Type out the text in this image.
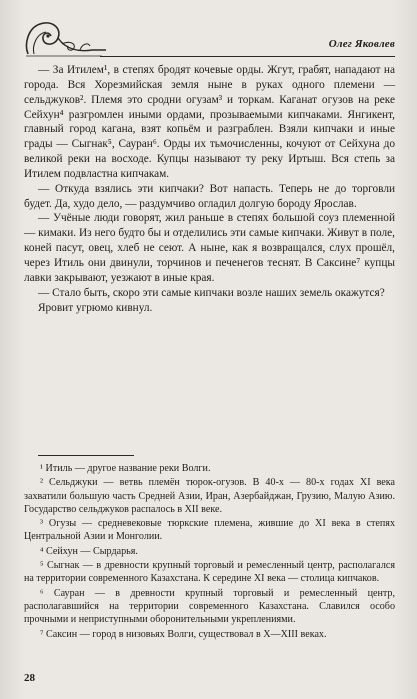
Олег Яковлев

— За Итилем¹, в степях бродят кочевые орды. Жгут, грабят, нападают на города. Вся Хорезмийская земля ныне в руках одного племени — сельджуков². Племя это сродни огузам³ и торкам. Каганат огузов на реке Сейхун⁴ разгромлен иными ордами, прозываемыми кипчаками. Янгикент, главный город кагана, взят копьём и разграблен. Взяли кипчаки и иные грады — Сыгнак⁵, Сауран⁶. Орды их тьмочисленны, кочуют от Сейхуна до великой реки на восходе. Купцы называют ту реку Иртыш. Вся степь за Итилем подвластна кипчакам.

— Откуда взялись эти кипчаки? Вот напасть. Теперь не до торговли будет. Да, худо дело, — раздумчиво огладил долгую бороду Ярослав.

— Учёные люди говорят, жил раньше в степях большой соуз племенной — кимаки. Из него будто бы и отделились эти самые кипчаки. Живут в поле, коней пасут, овец, хлеб не сеют. А ныне, как я возвращался, слух прошёл, через Итиль они двинули, торчинов и печенегов теснят. В Саксине⁷ купцы лавки закрывают, уезжают в иные края.

— Стало быть, скоро эти самые кипчаки возле наших земель окажутся?

Яровит угрюмо кивнул.

¹ Итиль — другое название реки Волги.

² Сельджуки — ветвь племён тюрок-огузов. В 40-х — 80-х годах XI века захватили большую часть Средней Азии, Иран, Азербайджан, Грузию, Малую Азию. Государство сельджуков распалось в XII веке.

³ Огузы — средневековые тюркские племена, жившие до XI века в степях Центральной Азии и Монголии.

⁴ Сейхун — Сырдарья.

⁵ Сыгнак — в древности крупный торговый и ремесленный центр, располагался на территории современного Казахстана. К середине XI века — столица кипчаков.

⁶ Сауран — в древности крупный торговый и ремесленный центр, располагавшийся на территории современного Казахстана. Славился особо прочными и неприступными оборонительными укреплениями.

⁷ Саксин — город в низовьях Волги, существовал в X—XIII веках.

28
